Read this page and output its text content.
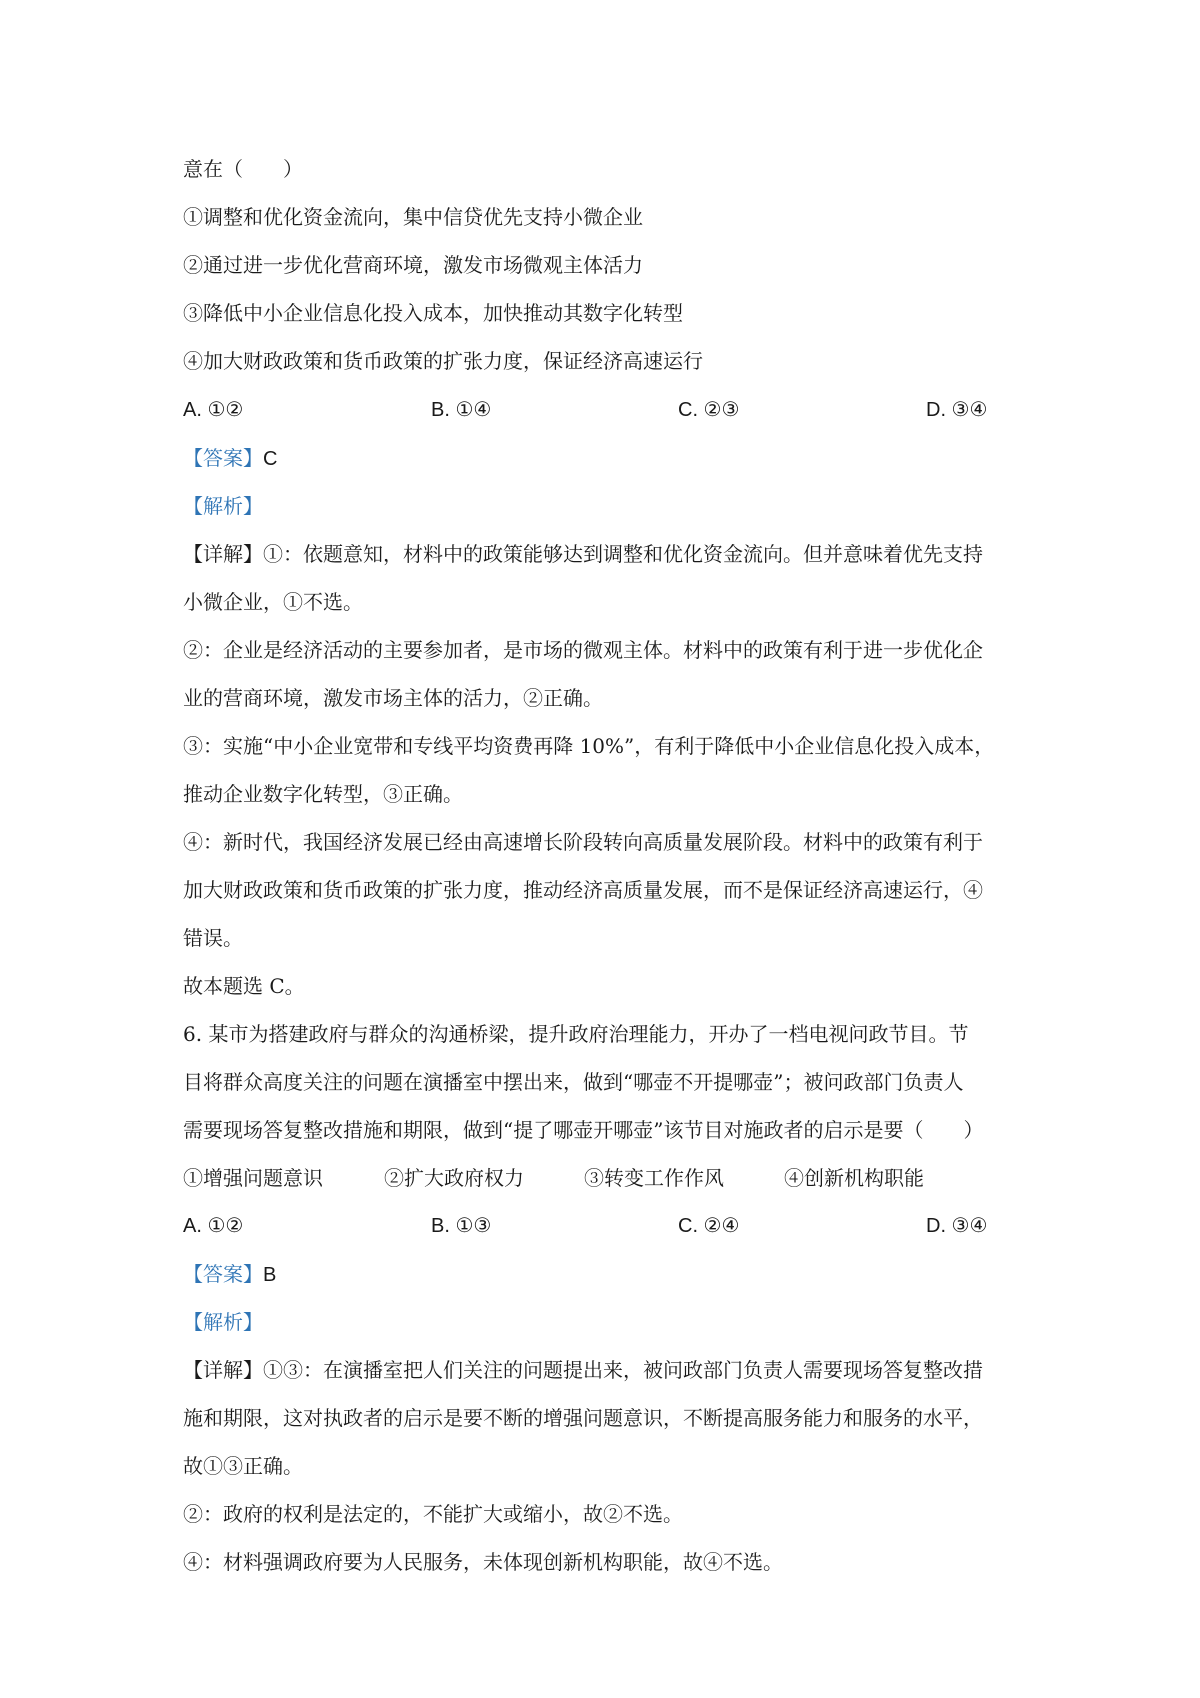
意在（　　）
①调整和优化资金流向，集中信贷优先支持小微企业
②通过进一步优化营商环境，激发市场微观主体活力
③降低中小企业信息化投入成本，加快推动其数字化转型
④加大财政政策和货币政策的扩张力度，保证经济高速运行
A. ①②	B. ①④	C. ②③	D. ③④
【答案】C
【解析】
【详解】①：依题意知，材料中的政策能够达到调整和优化资金流向。但并意味着优先支持
小微企业，①不选。
②：企业是经济活动的主要参加者，是市场的微观主体。材料中的政策有利于进一步优化企
业的营商环境，激发市场主体的活力，②正确。
③：实施“中小企业宽带和专线平均资费再降 10%”，有利于降低中小企业信息化投入成本，
推动企业数字化转型，③正确。
④：新时代，我国经济发展已经由高速增长阶段转向高质量发展阶段。材料中的政策有利于
加大财政政策和货币政策的扩张力度，推动经济高质量发展，而不是保证经济高速运行，④
错误。
故本题选 C。
6. 某市为搭建政府与群众的沟通桥梁，提升政府治理能力，开办了一档电视问政节目。节
目将群众高度关注的问题在演播室中摆出来，做到“哪壶不开提哪壶”；被问政部门负责人
需要现场答复整改措施和期限，做到“提了哪壶开哪壶”该节目对施政者的启示是要（　　）
①增强问题意识	②扩大政府权力	③转变工作作风	④创新机构职能
A. ①②	B. ①③	C. ②④	D. ③④
【答案】B
【解析】
【详解】①③：在演播室把人们关注的问题提出来，被问政部门负责人需要现场答复整改措
施和期限，这对执政者的启示是要不断的增强问题意识，不断提高服务能力和服务的水平，
故①③正确。
②：政府的权利是法定的，不能扩大或缩小，故②不选。
④：材料强调政府要为人民服务，未体现创新机构职能，故④不选。
